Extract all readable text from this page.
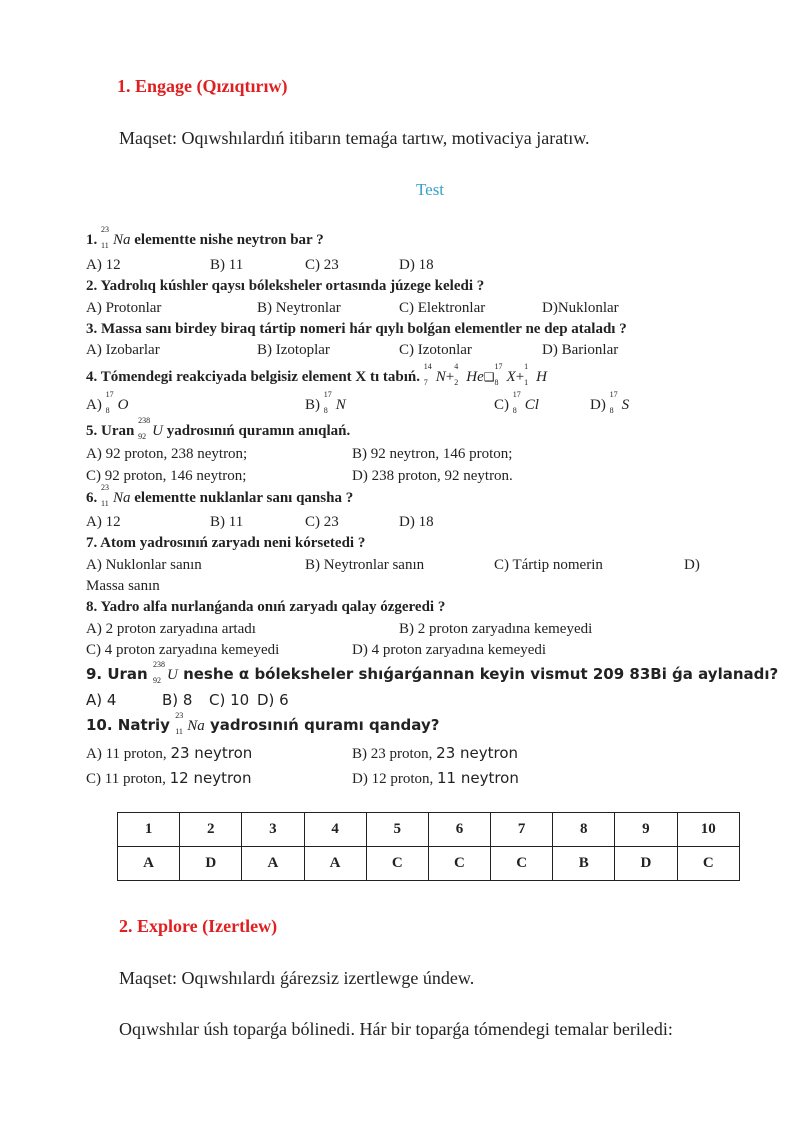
1. Engage (Qızıqtırıw)
Maqset: Oqıwshılardıń itibarın temaǵa tartıw, motivaciya jaratıw.
Test
1.
23
11 Na elementte nishe neytron bar ?
A) 12	B) 11	C) 23	D) 18
2. Yadrolıq kúshler qaysı bóleksheler ortasında júzege keledi ?
A) Protonlar	B) Neytronlar	C) Elektronlar	D)Nuklonlar
3. Massa sanı birdey biraq tártip nomeri hár qıylı bolǵan elementler ne dep ataladı ?
A) Izobarlar	B) Izotoplar	C) Izotonlar	D) Barionlar
4. Tómendegi reakciyada belgisiz element X tı tabıń.
14
7 N+
4
2 He❑
17
8 X+
1
1 H
A)
17
8 O	B)
17
8 N	C)
17
8 Cl	D)
17
8 S
5. Uran
238
92 U yadrosınıń quramın anıqlań.
A) 92 proton, 238 neytron;	B) 92 neytron, 146 proton;
C) 92 proton, 146 neytron;	D) 238 proton, 92 neytron.
6.
23
11 Na elementte nuklanlar sanı qansha ?
A) 12	B) 11	C) 23	D) 18
7. Atom yadrosınıń zaryadı neni kórsetedi ?
A) Nuklonlar sanın	B) Neytronlar sanın	C) Tártip nomerin	D)
Massa sanın
8. Yadro alfa nurlanǵanda onıń zaryadı qalay ózgeredi ?
A) 2 proton zaryadına artadı	B) 2 proton zaryadına kemeyedi
C) 4 proton zaryadına kemeyedi	D) 4 proton zaryadına kemeyedi
9. Uran
238
92 U neshe α bóleksheler shıǵarǵannan keyin vismut 209 83Bi ǵa aylanadı?
A) 4	B) 8 C) 10 D) 6
10. Natriy
23
11 Na yadrosınıń quramı qanday?
A) 11 proton, 23 neytron	B) 23 proton, 23 neytron
C) 11 proton, 12 neytron	D) 12 proton, 11 neytron
1	2	3	4	5	6	7	8	9	10
A	D	A	A	C	C	C	B	D	C
2. Explore (Izertlew)
Maqset: Oqıwshılardı ǵárezsiz izertlewge úndew.
Oqıwshılar úsh toparǵa bólinedi. Hár bir toparǵa tómendegi temalar beriledi:
